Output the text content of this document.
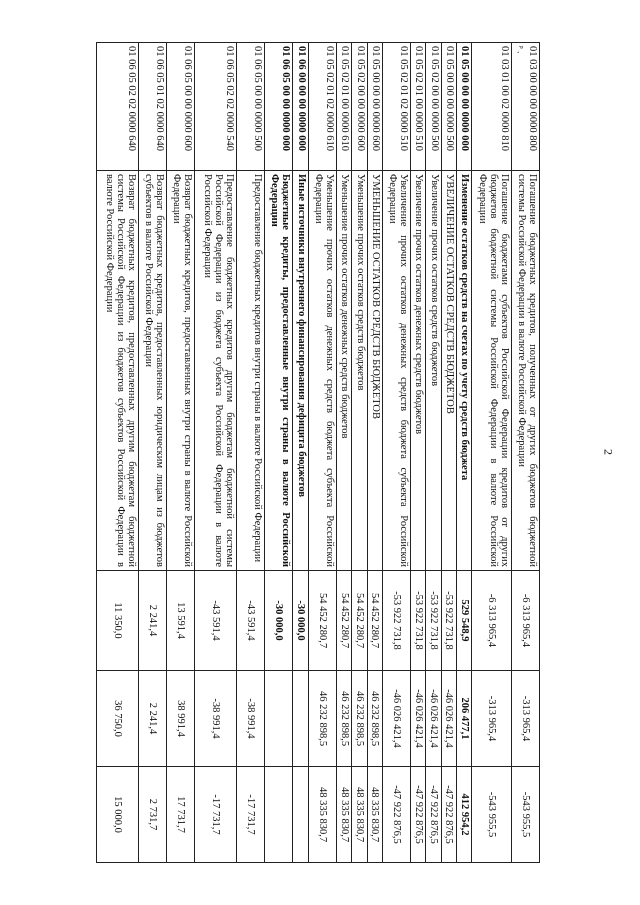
2
ᵖ . 01 03 00 00 00 0000 800	Погашение бюджетных кредитов, полученных от других бюджетов бюджетной системы Российской Федерации в валюте Российской Федерации	-6 313 965,4	-313 965,4	-543 955,5
01 03 01 00 02 0000 810	Погашение бюджетами субъектов Российской Федерации кредитов от других бюджетов бюджетной системы Российской Федерации в валюте Российской Федерации	-6 313 965,4	-313 965,4	-543 955,5
01 05 00 00 00 0000 000	Изменение остатков средств на счетах по учету средств бюджета	529 548,9	206 477,1	412 954,2
01 05 00 00 00 0000 500	УВЕЛИЧЕНИЕ ОСТАТКОВ СРЕДСТВ БЮДЖЕТОВ	-53 922 731,8	-46 026 421,4	-47 922 876,5
01 05 02 00 00 0000 500	Увеличение прочих остатков средств бюджетов	-53 922 731,8	-46 026 421,4	-47 922 876,5
01 05 02 01 00 0000 510	Увеличение прочих остатков денежных средств бюджетов	-53 922 731,8	-46 026 421,4	-47 922 876,5
01 05 02 01 02 0000 510	Увеличение прочих остатков денежных средств бюджета субъекта Российской Федерации	-53 922 731,8	-46 026 421,4	-47 922 876,5
01 05 00 00 00 0000 600	УМЕНЬШЕНИЕ ОСТАТКОВ СРЕДСТВ БЮДЖЕТОВ	54 452 280,7	46 232 898,5	48 335 830,7
01 05 02 00 00 0000 600	Уменьшение прочих остатков средств бюджетов	54 452 280,7	46 232 898,5	48 335 830,7
01 05 02 01 00 0000 610	Уменьшение прочих остатков денежных средств бюджетов	54 452 280,7	46 232 898,5	48 335 830,7
01 05 02 01 02 0000 610	Уменьшение прочих остатков денежных средств бюджета субъекта Российской Федерации	54 452 280,7	46 232 898,5	48 335 830,7
01 06 00 00 00 0000 000	Иные источники внутреннего финансирования дефицита бюджетов	-30 000,0		
01 06 05 00 00 0000 000	Бюджетные кредиты, предоставленные внутри страны в валюте Российской Федерации	-30 000,0		
01 06 05 00 00 0000 500	Предоставление бюджетных кредитов внутри страны в валюте Российской Федерации	-43 591,4	-38 991,4	-17 731,7
01 06 05 02 02 0000 540	Предоставление бюджетных кредитов другим бюджетам бюджетной системы Российской Федерации из бюджета субъекта Российской Федерации в валюте Российской Федерации	-43 591,4	-38 991,4	-17 731,7
01 06 05 00 00 0000 600	Возврат бюджетных кредитов, предоставленных внутри страны в валюте Российской Федерации	13 591,4	38 991,4	17 731,7
01 06 05 01 02 0000 640	Возврат бюджетных кредитов, предоставленных юридическим лицам из бюджетов субъектов в валюте Российской Федерации	2 241,4	2 241,4	2 731,7
01 06 05 02 02 0000 640	Возврат бюджетных кредитов, предоставленных другим бюджетам бюджетной системы Российской Федерации из бюджетов субъектов Российской Федерации в валюте Российской Федерации	11 350,0	36 750,0	15 000,0
